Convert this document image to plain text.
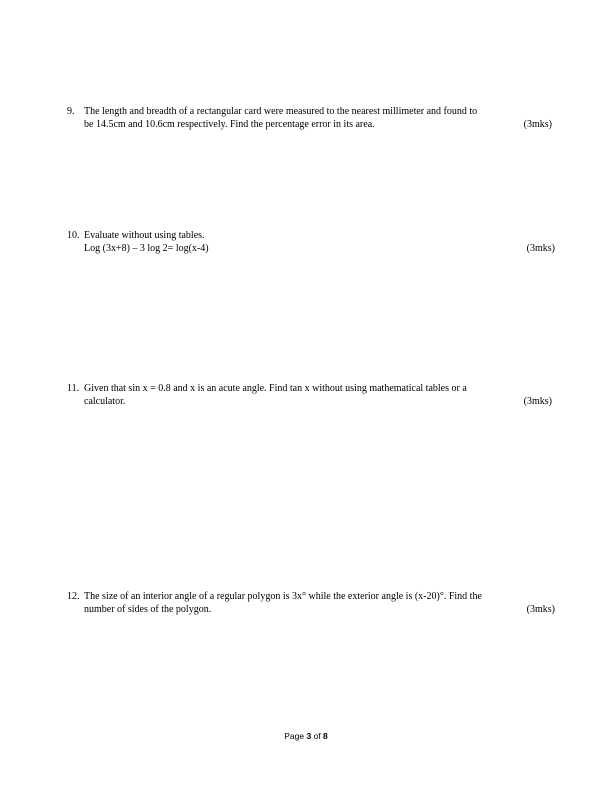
9. The length and breadth of a rectangular card were measured to the nearest millimeter and found to
be 14.5cm and 10.6cm respectively. Find the percentage error in its area.	(3mks)
10. Evaluate without using tables.
Log (3x+8) – 3 log 2= log(x-4)	(3mks)
11. Given that sin x = 0.8 and x is an acute angle. Find tan x without using mathematical tables or a
calculator.	(3mks)
12. The size of an interior angle of a regular polygon is 3x° while the exterior angle is (x-20)°. Find the
number of sides of the polygon.	(3mks)
Page 3 of 8
